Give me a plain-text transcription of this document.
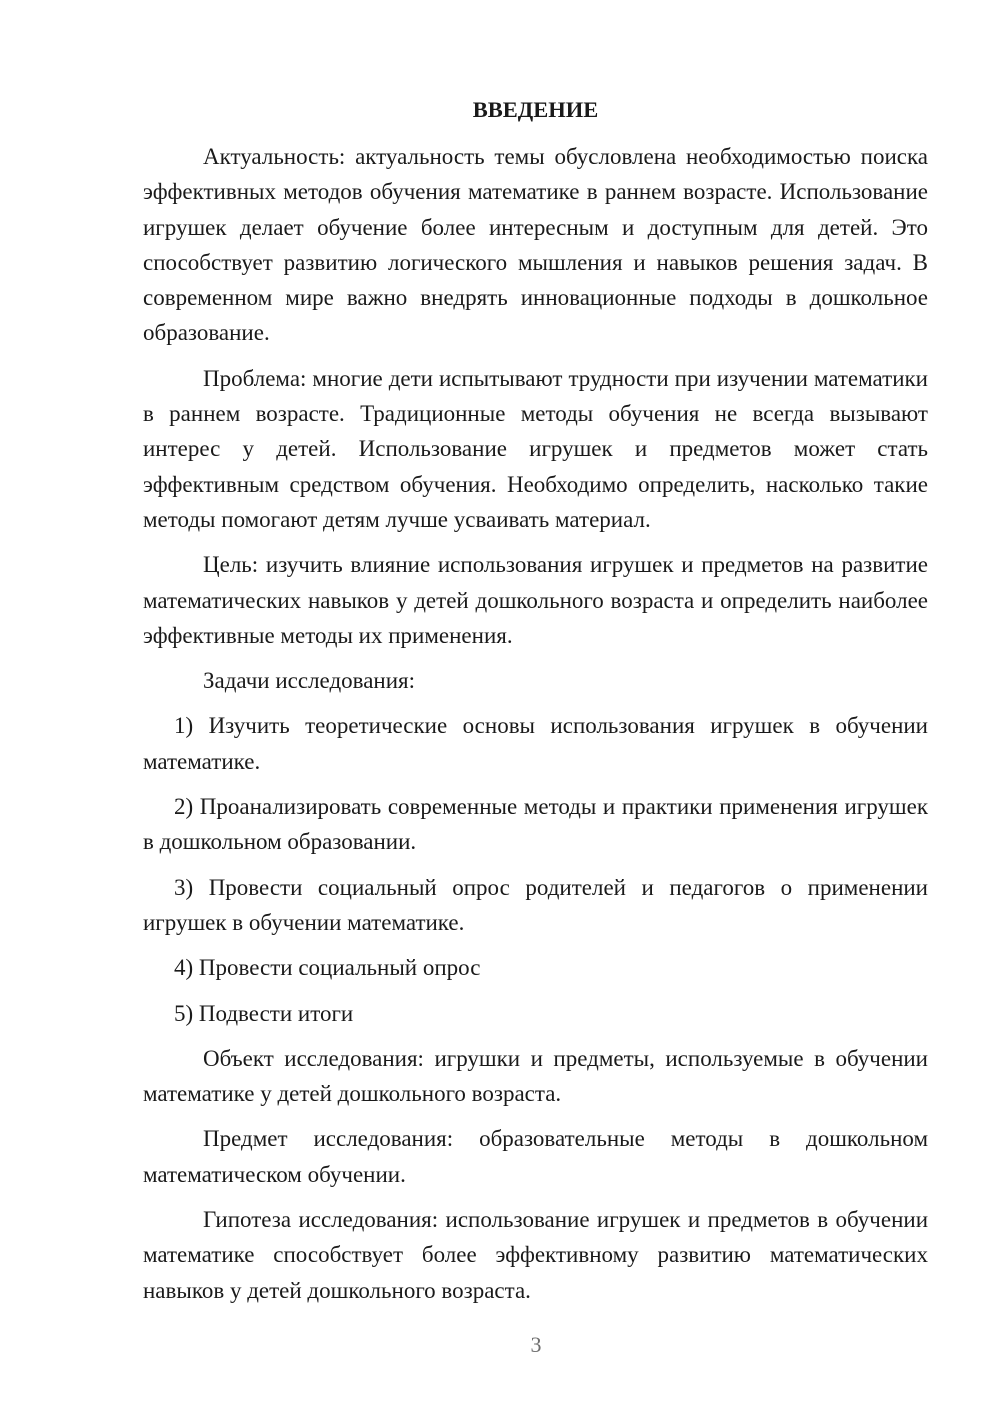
ВВЕДЕНИЕ

Актуальность: актуальность темы обусловлена необходимостью поиска эффективных методов обучения математике в раннем возрасте. Использование игрушек делает обучение более интересным и доступным для детей. Это способствует развитию логического мышления и навыков решения задач. В современном мире важно внедрять инновационные подходы в дошкольное образование.

Проблема: многие дети испытывают трудности при изучении математики в раннем возрасте. Традиционные методы обучения не всегда вызывают интерес у детей. Использование игрушек и предметов может стать эффективным средством обучения. Необходимо определить, насколько такие методы помогают детям лучше усваивать материал.

Цель: изучить влияние использования игрушек и предметов на развитие математических навыков у детей дошкольного возраста и определить наиболее эффективные методы их применения.

Задачи исследования:

1) Изучить теоретические основы использования игрушек в обучении математике.

2) Проанализировать современные методы и практики применения игрушек в дошкольном образовании.

3) Провести социальный опрос родителей и педагогов о применении игрушек в обучении математике.

4) Провести социальный опрос

5) Подвести итоги

Объект исследования: игрушки и предметы, используемые в обучении математике у детей дошкольного возраста.

Предмет исследования: образовательные методы в дошкольном математическом обучении.

Гипотеза исследования: использование игрушек и предметов в обучении математике способствует более эффективному развитию математических навыков у детей дошкольного возраста.

3
